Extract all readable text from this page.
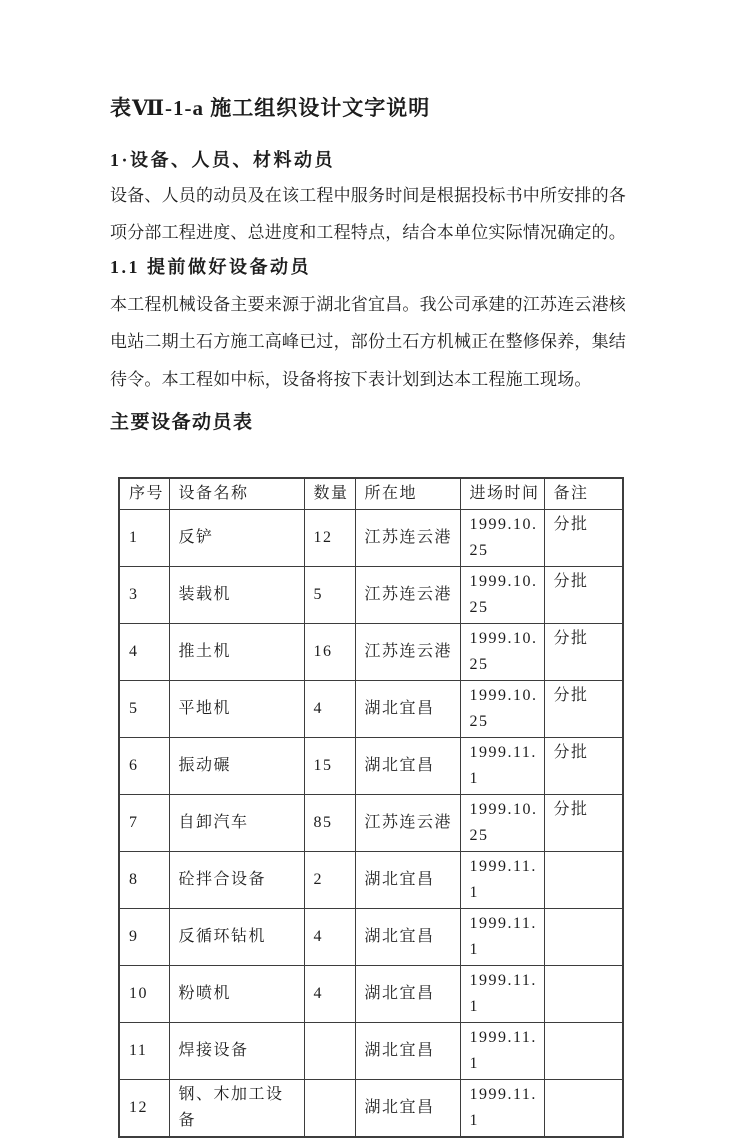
表Ⅶ-1-a 施工组织设计文字说明
1·设备、人员、材料动员
设备、人员的动员及在该工程中服务时间是根据投标书中所安排的各
项分部工程进度、总进度和工程特点，结合本单位实际情况确定的。
1.1 提前做好设备动员
本工程机械设备主要来源于湖北省宜昌。我公司承建的江苏连云港核
电站二期土石方施工高峰已过，部份土石方机械正在整修保养，集结
待令。本工程如中标，设备将按下表计划到达本工程施工现场。
主要设备动员表
序号	设备名称	数量	所在地	进场时间	备注
1	反铲	12	江苏连云港	1999.10.25	分批
3	装载机	5	江苏连云港	1999.10.25	分批
4	推土机	16	江苏连云港	1999.10.25	分批
5	平地机	4	湖北宜昌	1999.10.25	分批
6	振动碾	15	湖北宜昌	1999.11.1	分批
7	自卸汽车	85	江苏连云港	1999.10.25	分批
8	砼拌合设备	2	湖北宜昌	1999.11.1	
9	反循环钻机	4	湖北宜昌	1999.11.1	
10	粉喷机	4	湖北宜昌	1999.11.1	
11	焊接设备		湖北宜昌	1999.11.1	
12	钢、木加工设备		湖北宜昌	1999.11.1	
